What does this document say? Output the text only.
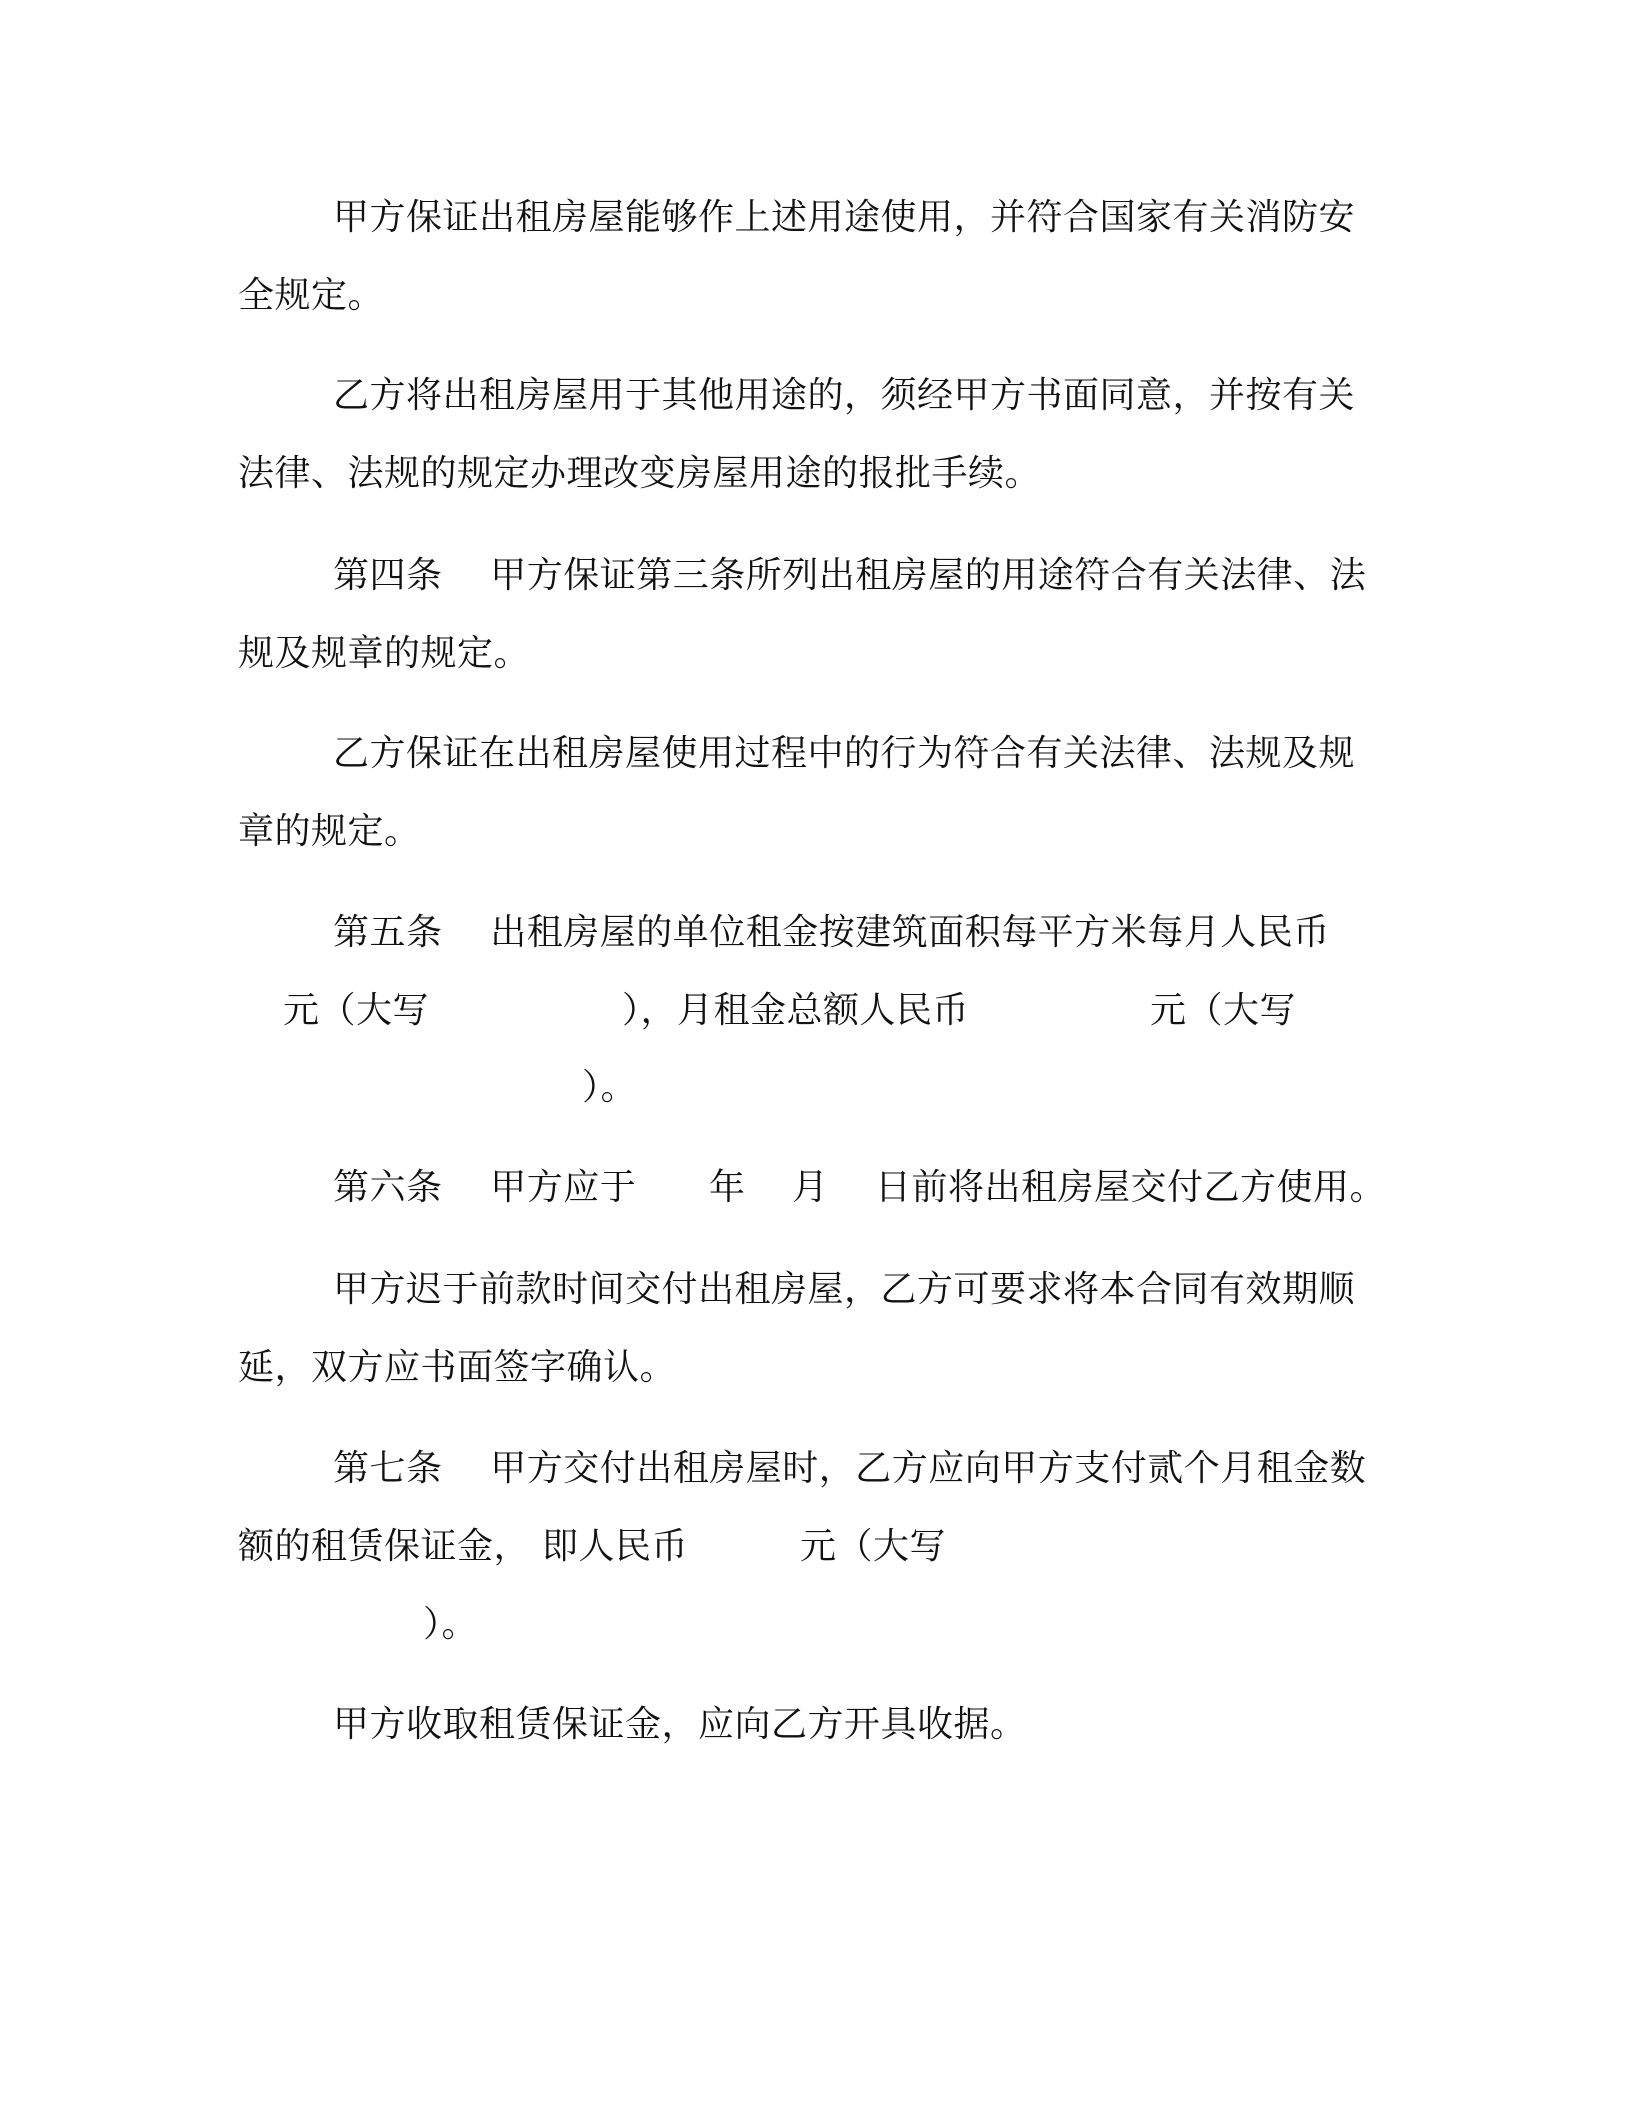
甲方保证出租房屋能够作上述用途使用，并符合国家有关消防安
全规定。
乙方将出租房屋用于其他用途的，须经甲方书面同意，并按有关
法律、法规的规定办理改变房屋用途的报批手续。
第四条    甲方保证第三条所列出租房屋的用途符合有关法律、法
规及规章的规定。
乙方保证在出租房屋使用过程中的行为符合有关法律、法规及规
章的规定。
第五条    出租房屋的单位租金按建筑面积每平方米每月人民币
元（大写	），月租金总额人民币	元（大写
）。
第六条    甲方应于 年 月 日前将出租房屋交付乙方使用。
甲方迟于前款时间交付出租房屋，乙方可要求将本合同有效期顺
延，双方应书面签字确认。
第七条    甲方交付出租房屋时，乙方应向甲方支付贰个月租金数
额的租赁保证金， 即人民币	元（大写
）。
甲方收取租赁保证金，应向乙方开具收据。
